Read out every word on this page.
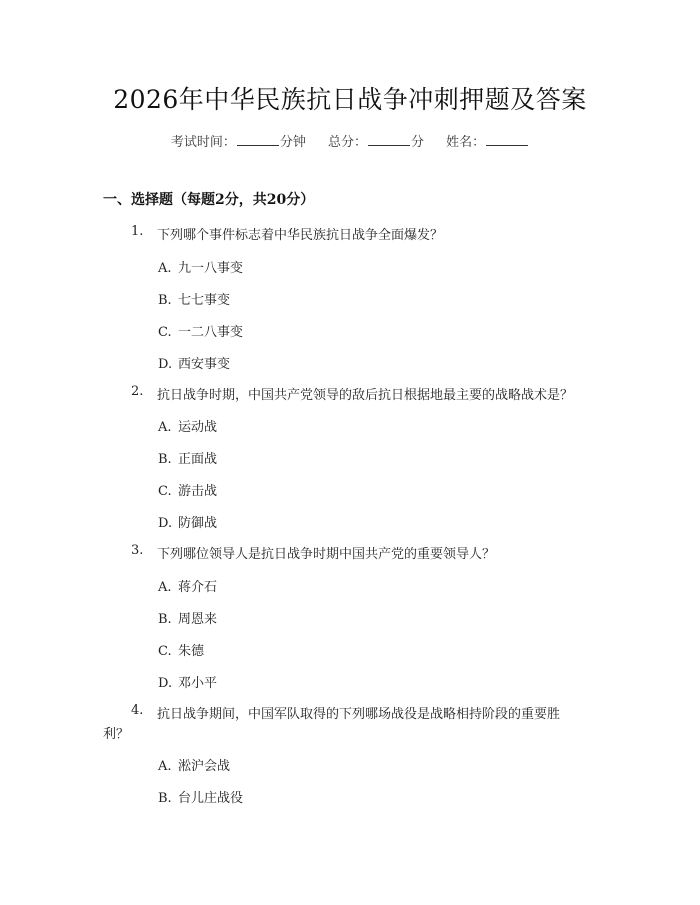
2026年中华民族抗日战争冲刺押题及答案
考试时间：	分钟 总分：	分 姓名：
一、选择题（每题2分，共20分）
1. 下列哪个事件标志着中华民族抗日战争全面爆发？
A. 九一八事变
B. 七七事变
C. 一二八事变
D. 西安事变
2. 抗日战争时期，中国共产党领导的敌后抗日根据地最主要的战略战术是？
A. 运动战
B. 正面战
C. 游击战
D. 防御战
3. 下列哪位领导人是抗日战争时期中国共产党的重要领导人？
A. 蒋介石
B. 周恩来
C. 朱德
D. 邓小平
4. 抗日战争期间，中国军队取得的下列哪场战役是战略相持阶段的重要胜
利？
A. 淞沪会战
B. 台儿庄战役
